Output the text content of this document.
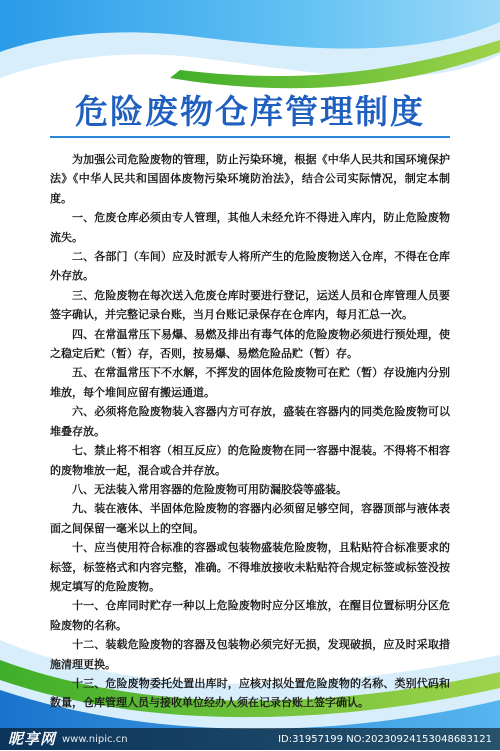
危险废物仓库管理制度

为加强公司危险废物的管理，防止污染环境，根据《中华人民共和国环境保护法》《中华人民共和国固体废物污染环境防治法》，结合公司实际情况，制定本制度。

一、危废仓库必须由专人管理，其他人未经允许不得进入库内，防止危险废物流失。

二、各部门（车间）应及时派专人将所产生的危险废物送入仓库，不得在仓库外存放。

三、危险废物在每次送入危废仓库时要进行登记，运送人员和仓库管理人员要签字确认，并完整记录台账，当月台账记录保存在仓库内，每月汇总一次。

四、在常温常压下易爆、易燃及排出有毒气体的危险废物必须进行预处理，使之稳定后贮（暂）存，否则，按易爆、易燃危险品贮（暂）存。

五、在常温常压下不水解，不挥发的固体危险废物可在贮（暂）存设施内分别堆放，每个堆间应留有搬运通道。

六、必须将危险废物装入容器内方可存放，盛装在容器内的同类危险废物可以堆叠存放。

七、禁止将不相容（相互反应）的危险废物在同一容器中混装。不得将不相容的废物堆放一起，混合或合并存放。

八、无法装入常用容器的危险废物可用防漏胶袋等盛装。

九、装在液体、半固体危险废物的容器内必须留足够空间，容器顶部与液体表面之间保留一毫米以上的空间。

十、应当使用符合标准的容器或包装物盛装危险废物，且粘贴符合标准要求的标签，标签格式和内容完整，准确。不得堆放接收未粘贴符合规定标签或标签没按规定填写的危险废物。

十一、仓库同时贮存一种以上危险废物时应分区堆放，在醒目位置标明分区危险废物的名称。

十二、装载危险废物的容器及包装物必须完好无损，发现破损，应及时采取措施清理更换。

十三、危险废物委托处置出库时，应核对拟处置危险废物的名称、类别代码和数量，仓库管理人员与接收单位经办人须在记录台账上签字确认。

昵享网 www.nipic.cn	ID:31957199 NO:20230924153048683121
